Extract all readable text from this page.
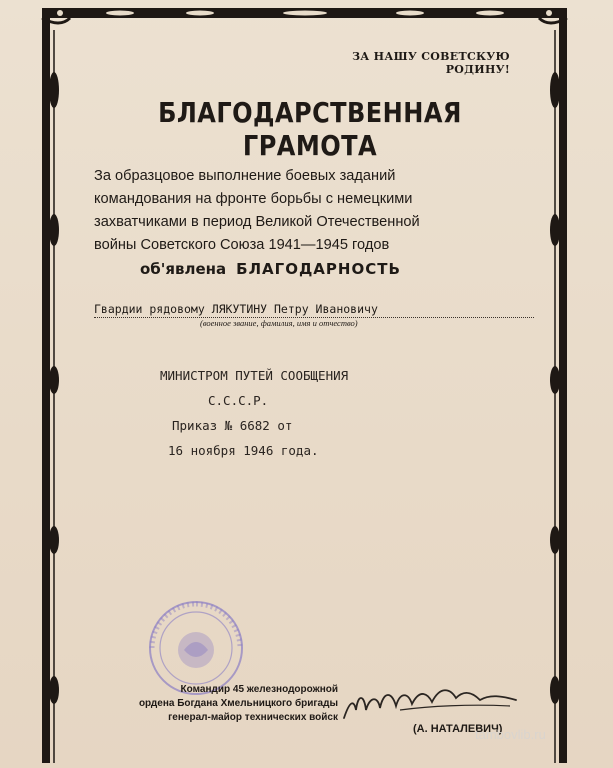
ЗА НАШУ СОВЕТСКУЮ РОДИНУ!
БЛАГОДАРСТВЕННАЯ ГРАМОТА
За образцовое выполнение боевых заданий
командования на фронте борьбы с немецкими
захватчиками в период Великой Отечественной
войны Советского Союза 1941—1945 годов
об'явлена БЛАГОДАРНОСТЬ
Гвардии рядовому ЛЯКУТИНУ Петру Ивановичу
(военное звание, фамилия, имя и отчество)
МИНИСТРОМ ПУТЕЙ СООБЩЕНИЯ
С.С.С.Р.
Приказ № 6682 от
16 ноября 1946 года.
Командир 45 железнодорожной
ордена Богдана Хмельницкого бригады
генерал-майор технических войск
(А. НАТАЛЕВИЧ)
tambovlib.ru
